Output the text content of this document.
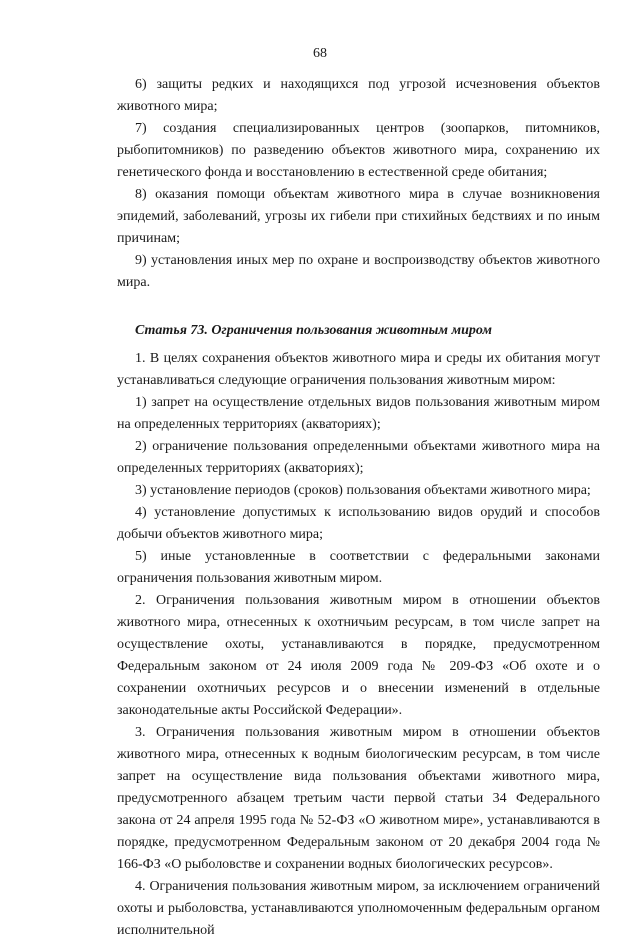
68

6) защиты редких и находящихся под угрозой исчезновения объектов животного мира;

7) создания специализированных центров (зоопарков, питомников, рыбопитомников) по разведению объектов животного мира, сохранению их генетического фонда и восстановлению в естественной среде обитания;

8) оказания помощи объектам животного мира в случае возникновения эпидемий, заболеваний, угрозы их гибели при стихийных бедствиях и по иным причинам;

9) установления иных мер по охране и воспроизводству объектов животного мира.

Статья 73. Ограничения пользования животным миром

1. В целях сохранения объектов животного мира и среды их обитания могут устанавливаться следующие ограничения пользования животным миром:

1) запрет на осуществление отдельных видов пользования животным миром на определенных территориях (акваториях);

2) ограничение пользования определенными объектами животного мира на определенных территориях (акваториях);

3) установление периодов (сроков) пользования объектами животного мира;

4) установление допустимых к использованию видов орудий и способов добычи объектов животного мира;

5) иные установленные в соответствии с федеральными законами ограничения пользования животным миром.

2. Ограничения пользования животным миром в отношении объектов животного мира, отнесенных к охотничьим ресурсам, в том числе запрет на осуществление охоты, устанавливаются в порядке, предусмотренном Федеральным законом от 24 июля 2009 года № 209-ФЗ «Об охоте и о сохранении охотничьих ресурсов и о внесении изменений в отдельные законодательные акты Российской Федерации».

3. Ограничения пользования животным миром в отношении объектов животного мира, отнесенных к водным биологическим ресурсам, в том числе запрет на осуществление вида пользования объектами животного мира, предусмотренного абзацем третьим части первой статьи 34 Федерального закона от 24 апреля 1995 года № 52-ФЗ «О животном мире», устанавливаются в порядке, предусмотренном Федеральным законом от 20 декабря 2004 года № 166-ФЗ «О рыболовстве и сохранении водных биологических ресурсов».

4. Ограничения пользования животным миром, за исключением ограничений охоты и рыболовства, устанавливаются уполномоченным федеральным органом исполнительной
